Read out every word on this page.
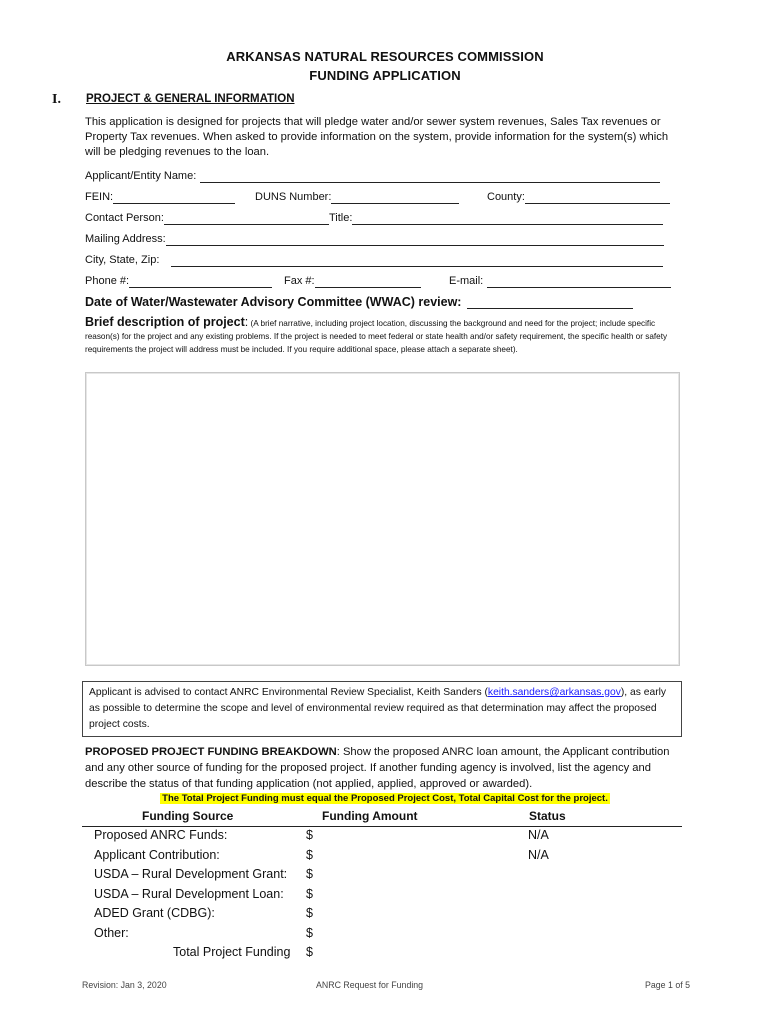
ARKANSAS NATURAL RESOURCES COMMISSION
FUNDING APPLICATION
I. PROJECT & GENERAL INFORMATION
This application is designed for projects that will pledge water and/or sewer system revenues, Sales Tax revenues or Property Tax revenues. When asked to provide information on the system, provide information for the system(s) which will be pledging revenues to the loan.
Applicant/Entity Name:
FEIN:	DUNS Number:	County:
Contact Person:	Title:
Mailing Address:
City, State, Zip:
Phone #:	Fax #:	E-mail:
Date of Water/Wastewater Advisory Committee (WWAC) review:
Brief description of project: (A brief narrative, including project location, discussing the background and need for the project; include specific reason(s) for the project and any existing problems. If the project is needed to meet federal or state health and/or safety requirement, the specific health or safety requirements the project will address must be included. If you require additional space, please attach a separate sheet).
Applicant is advised to contact ANRC Environmental Review Specialist, Keith Sanders (keith.sanders@arkansas.gov), as early as possible to determine the scope and level of environmental review required as that determination may affect the proposed project costs.
PROPOSED PROJECT FUNDING BREAKDOWN: Show the proposed ANRC loan amount, the Applicant contribution and any other source of funding for the proposed project. If another funding agency is involved, list the agency and describe the status of that funding application (not applied, applied, approved or awarded).
The Total Project Funding must equal the Proposed Project Cost, Total Capital Cost for the project.
Funding Source	Funding Amount	Status
Proposed ANRC Funds:	$	N/A
Applicant Contribution:	$	N/A
USDA – Rural Development Grant: $
USDA – Rural Development Loan: $
ADED Grant (CDBG):	$
Other:	$
Total Project Funding $
Revision: Jan 3, 2020	ANRC Request for Funding	Page 1 of 5
